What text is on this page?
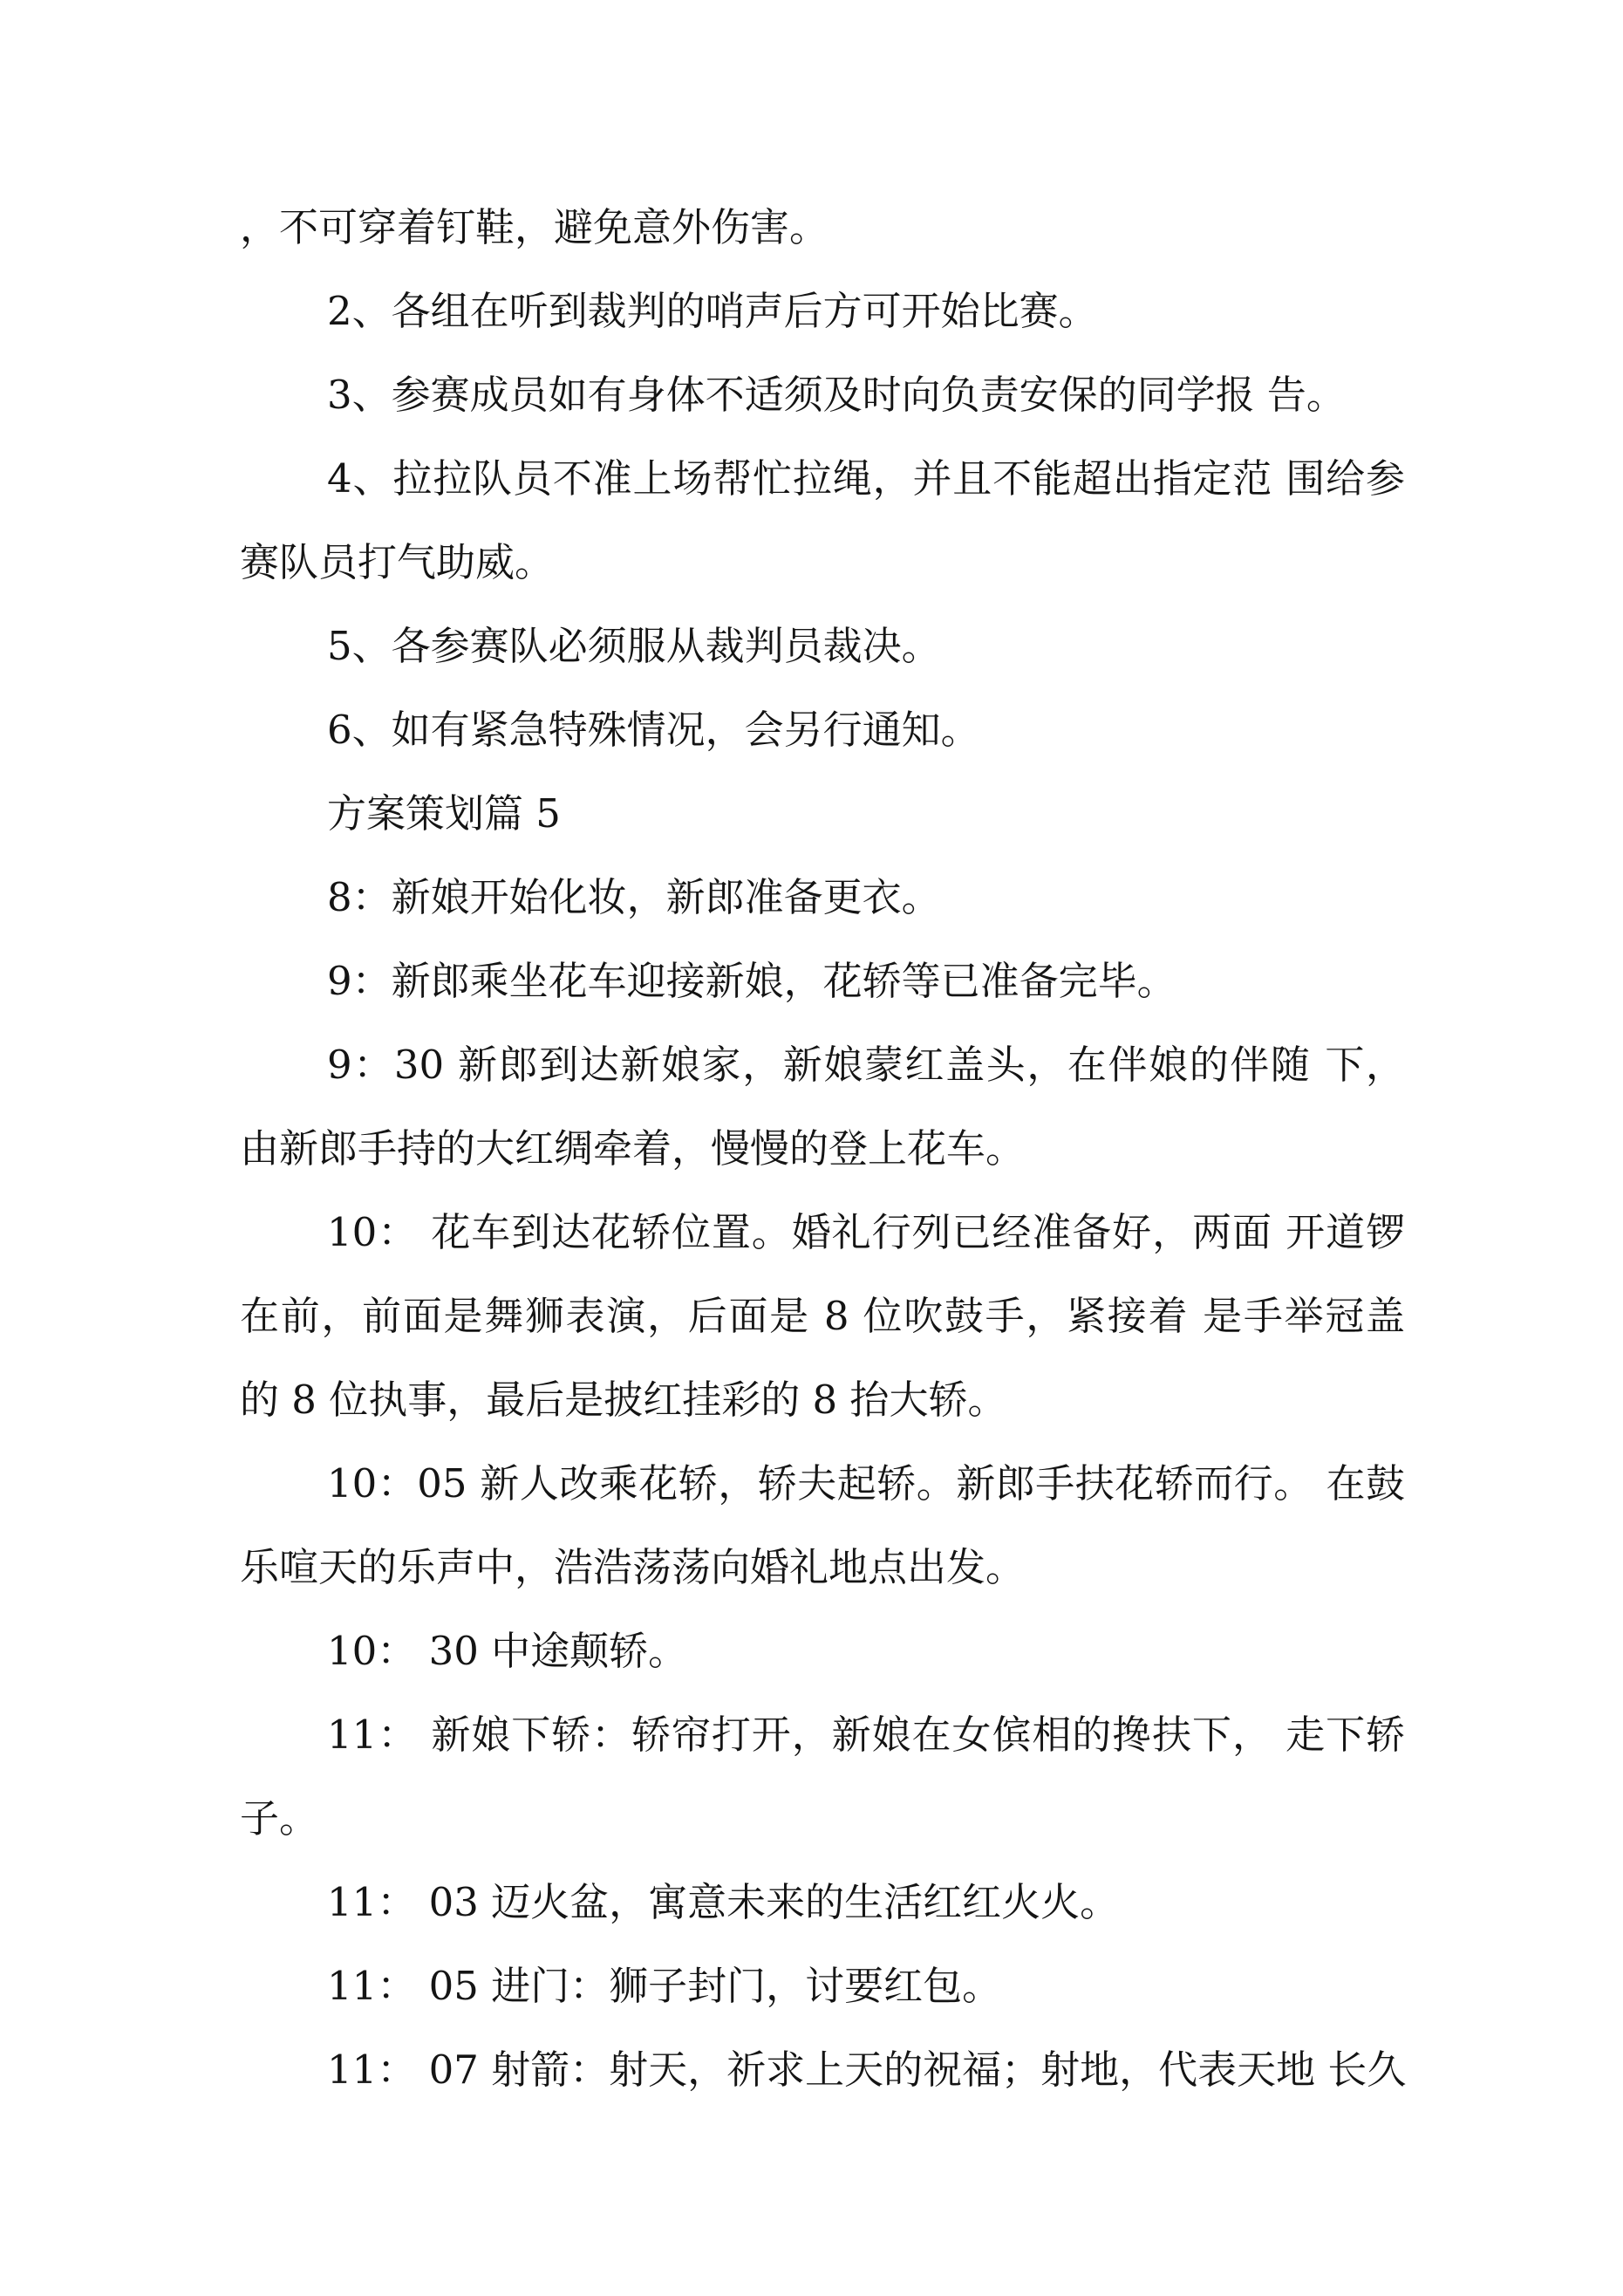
，不可穿着钉鞋，避免意外伤害。
2、各组在听到裁判的哨声后方可开始比赛。
3、参赛成员如有身体不适须及时向负责安保的同学报 告。
4、拉拉队员不准上场帮忙拉绳，并且不能超出指定范 围给参
赛队员打气助威。
5、各参赛队必须服从裁判员裁决。
6、如有紧急特殊情况，会另行通知。
方案策划篇 5
8：新娘开始化妆，新郎准备更衣。
9：新郎乘坐花车迎接新娘，花轿等已准备完毕。
9：30 新郎到达新娘家，新娘蒙红盖头，在伴娘的伴随 下，
由新郎手持的大红绸牵着，慢慢的登上花车。
10： 花车到达花轿位置。婚礼行列已经准备好，两面 开道锣
在前，前面是舞狮表演，后面是 8 位吹鼓手，紧接着 是手举冠盖
的 8 位执事，最后是披红挂彩的 8 抬大轿。
10：05 新人改乘花轿，轿夫起轿。新郎手扶花轿而行。 在鼓
乐喧天的乐声中，浩浩荡荡向婚礼地点出发。
10： 30 中途颠轿。
11： 新娘下轿：轿帘打开，新娘在女傧相的搀扶下， 走下轿
子。
11： 03 迈火盆，寓意未来的生活红红火火。
11： 05 进门：狮子封门，讨要红包。
11： 07 射箭：射天，祈求上天的祝福；射地，代表天地 长久
